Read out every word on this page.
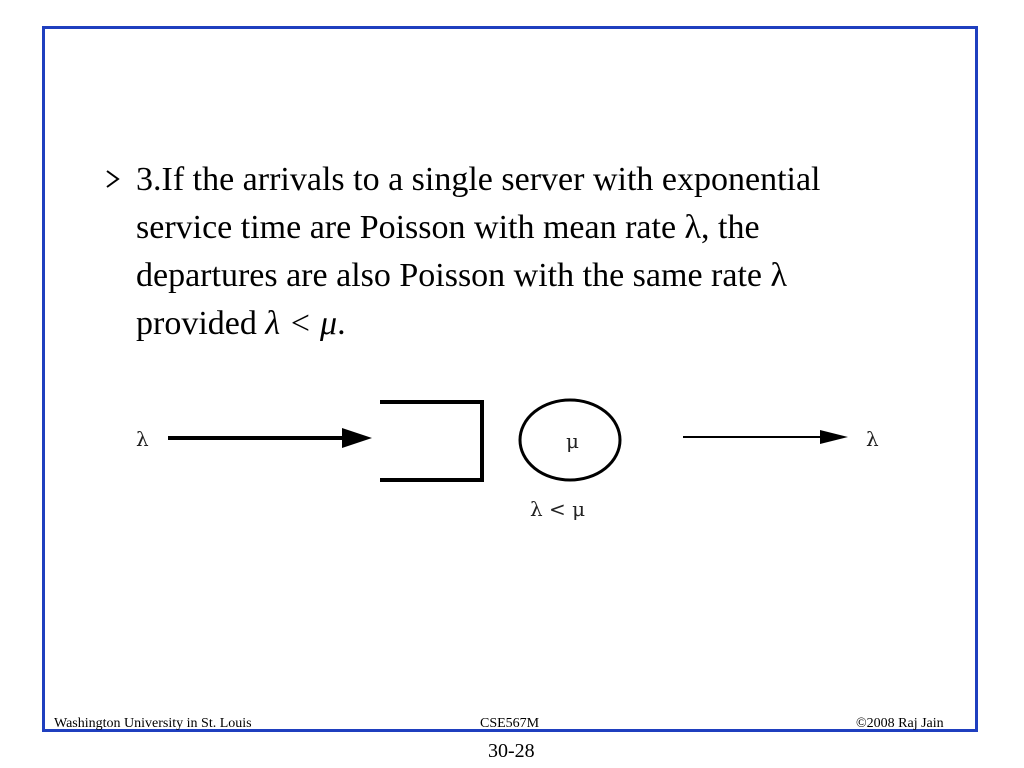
3.If the arrivals to a single server with exponential
service time are Poisson with mean rate λ, the
departures are also Poisson with the same rate λ
provided λ < μ.
λ	μ	λ
λ < μ
Washington University in St. Louis	CSE567M	©2008 Raj Jain
30-28
